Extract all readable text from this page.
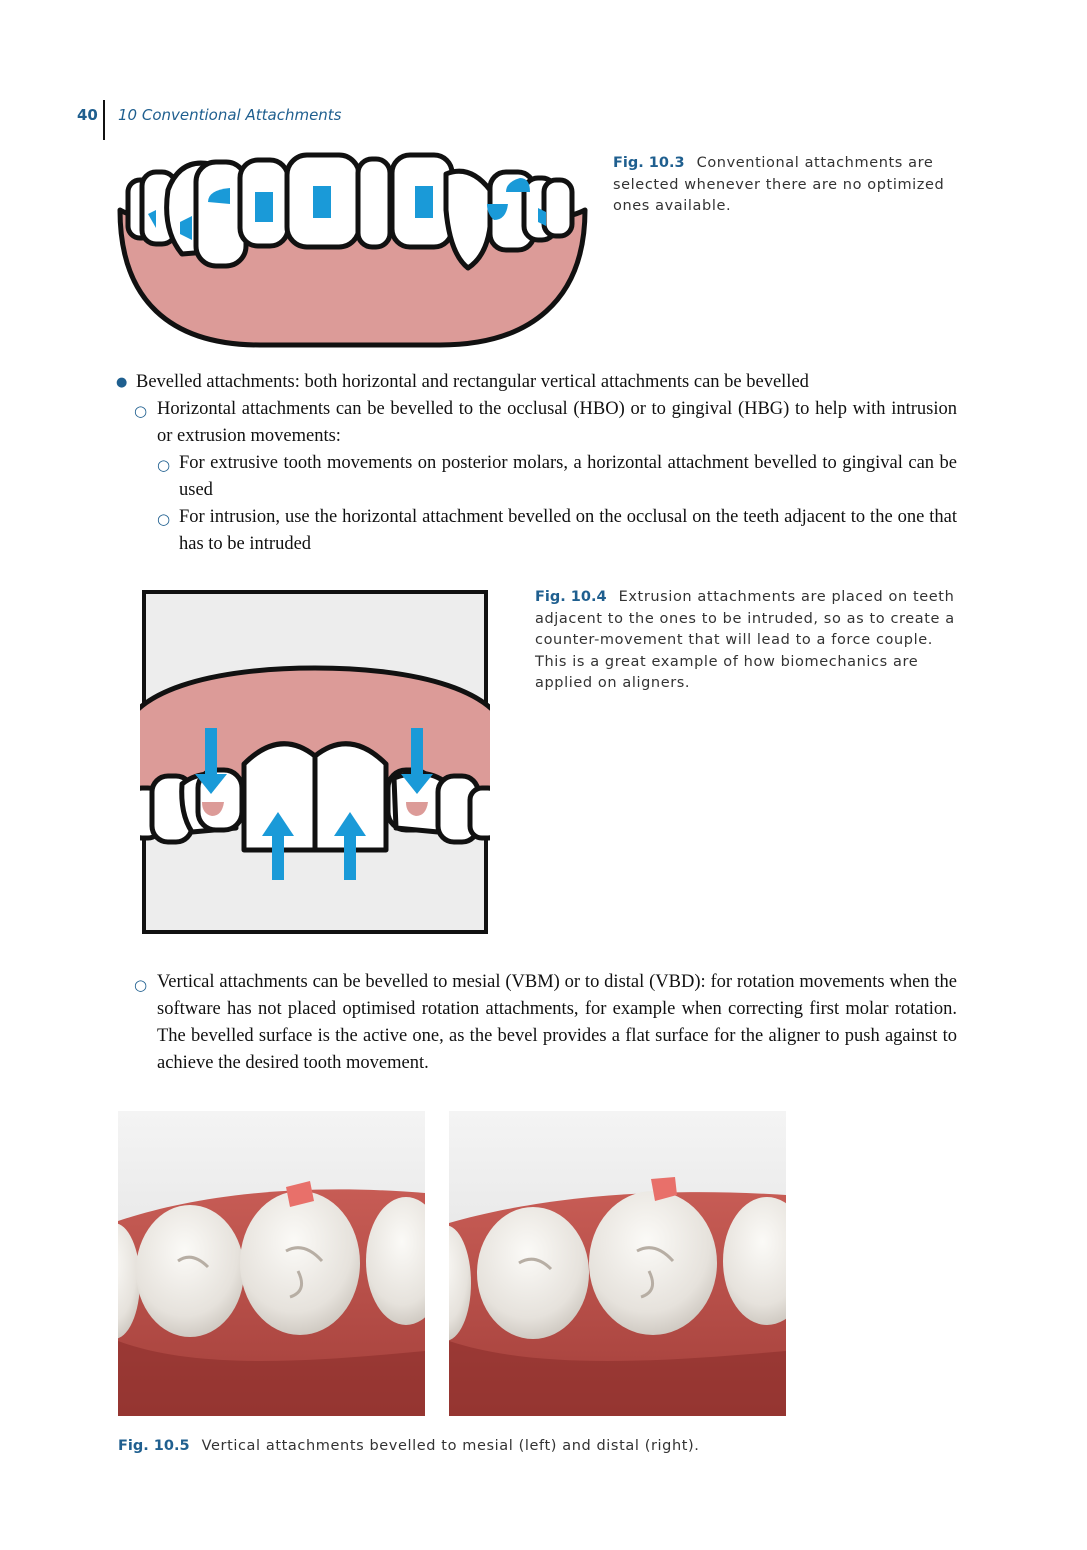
40 10 Conventional Attachments
Fig. 10.3 Conventional attachments are selected whenever there are no optimized ones available.
● Bevelled attachments: both horizontal and rectangular vertical attachments can be bevelled
○ Horizontal attachments can be bevelled to the occlusal (HBO) or to gingival (HBG) to help with intrusion or extrusion movements:
○ For extrusive tooth movements on posterior molars, a horizontal attachment bevelled to gingival can be used
○ For intrusion, use the horizontal attachment bevelled on the occlusal on the teeth adjacent to the one that has to be intruded
Fig. 10.4 Extrusion attachments are placed on teeth adjacent to the ones to be intruded, so as to create a counter-movement that will lead to a force couple. This is a great example of how biomechanics are applied on aligners.
○ Vertical attachments can be bevelled to mesial (VBM) or to distal (VBD): for rotation movements when the software has not placed optimised rotation attachments, for example when correcting first molar rotation. The bevelled surface is the active one, as the bevel provides a flat surface for the aligner to push against to achieve the desired tooth movement.
Fig. 10.5 Vertical attachments bevelled to mesial (left) and distal (right).
